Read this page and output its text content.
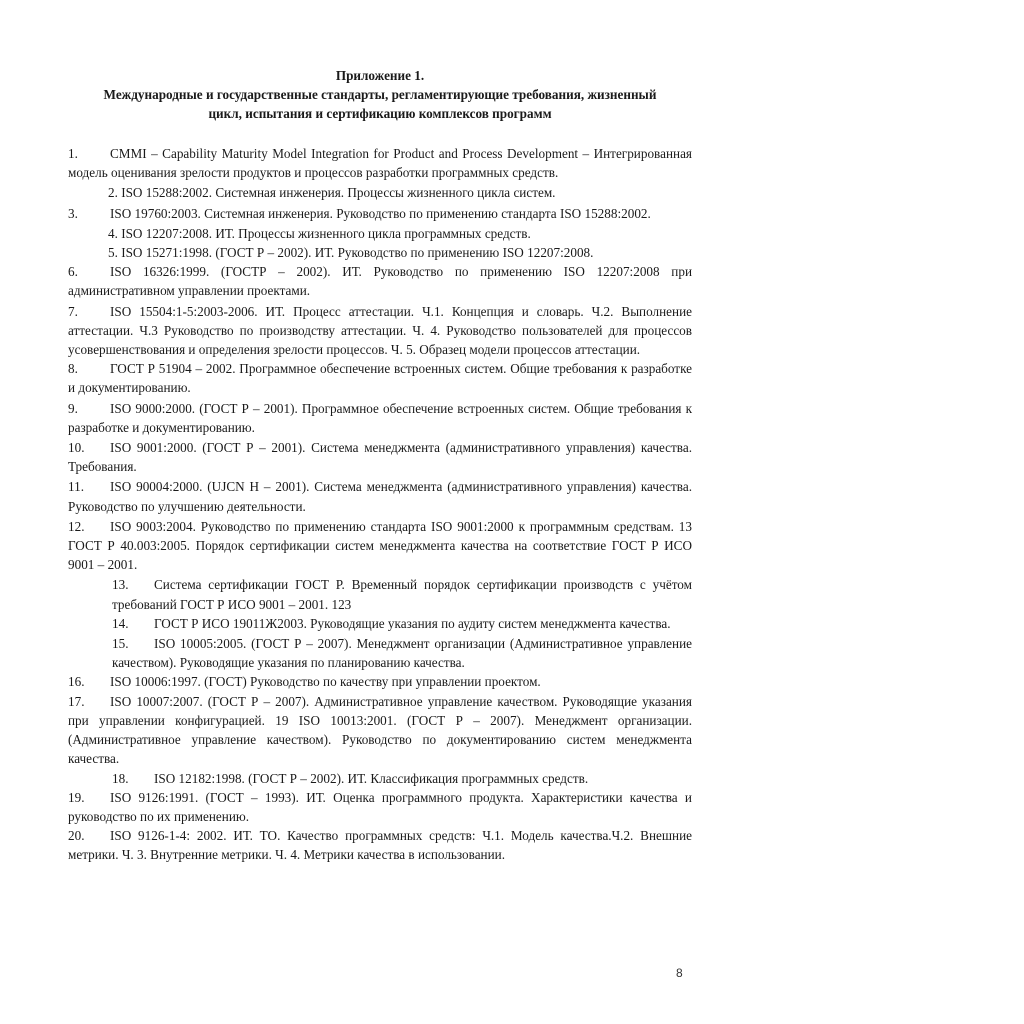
Приложение 1.
Международные и государственные стандарты, регламентирующие требования, жизненный
цикл, испытания и сертификацию комплексов программ

1. CMMI – Capability Maturity Model Integration for Product and Process Development – Интегрированная модель оценивания зрелости продуктов и процессов разработки программных средств.

2. ISO 15288:2002. Системная инженерия. Процессы жизненного цикла систем.

3. ISO 19760:2003. Системная инженерия. Руководство по применению стандарта ISO 15288:2002.

4. ISO 12207:2008. ИТ. Процессы жизненного цикла программных средств.

5. ISO 15271:1998. (ГОСТ Р – 2002). ИТ. Руководство по применению ISO 12207:2008.

6. ISO 16326:1999. (ГОСТР – 2002). ИТ. Руководство по применению ISO 12207:2008 при административном управлении проектами.

7. ISO 15504:1-5:2003-2006. ИТ. Процесс аттестации. Ч.1. Концепция и словарь. Ч.2. Выполнение аттестации. Ч.3 Руководство по производству аттестации. Ч. 4. Руководство пользователей для процессов усовершенствования и определения зрелости процессов. Ч. 5. Образец модели процессов аттестации.

8. ГОСТ Р 51904 – 2002. Программное обеспечение встроенных систем. Общие требования к разработке и документированию.

9. ISO 9000:2000. (ГОСТ Р – 2001). Программное обеспечение встроенных систем. Общие требования к разработке и документированию.

10. ISO 9001:2000. (ГОСТ Р – 2001). Система менеджмента (административного управления) качества. Требования.

11. ISO 90004:2000. (UJCN H – 2001). Система менеджмента (административного управления) качества. Руководство по улучшению деятельности.

12. ISO 9003:2004. Руководство по применению стандарта ISO 9001:2000 к программным средствам. 13 ГОСТ Р 40.003:2005. Порядок сертификации систем менеджмента качества на соответствие ГОСТ Р ИСО 9001 – 2001.

13. Система сертификации ГОСТ Р. Временный порядок сертификации производств с учётом требований ГОСТ Р ИСО 9001 – 2001. 123

14. ГОСТ Р ИСО 19011Ж2003. Руководящие указания по аудиту систем менеджмента качества.

15. ISO 10005:2005. (ГОСТ Р – 2007). Менеджмент организации (Административное управление качеством). Руководящие указания по планированию качества.

16. ISO 10006:1997. (ГОСТ) Руководство по качеству при управлении проектом.

17. ISO 10007:2007. (ГОСТ Р – 2007). Административное управление качеством. Руководящие указания при управлении конфигурацией. 19 ISO 10013:2001. (ГОСТ Р – 2007). Менеджмент организации. (Административное управление качеством). Руководство по документированию систем менеджмента качества.

18. ISO 12182:1998. (ГОСТ Р – 2002). ИТ. Классификация программных средств.

19. ISO 9126:1991. (ГОСТ – 1993). ИТ. Оценка программного продукта. Характеристики качества и руководство по их применению.

20. ISO 9126-1-4: 2002. ИТ. ТО. Качество программных средств: Ч.1. Модель качества.Ч.2. Внешние метрики. Ч. 3. Внутренние метрики. Ч. 4. Метрики качества в использовании.

8
